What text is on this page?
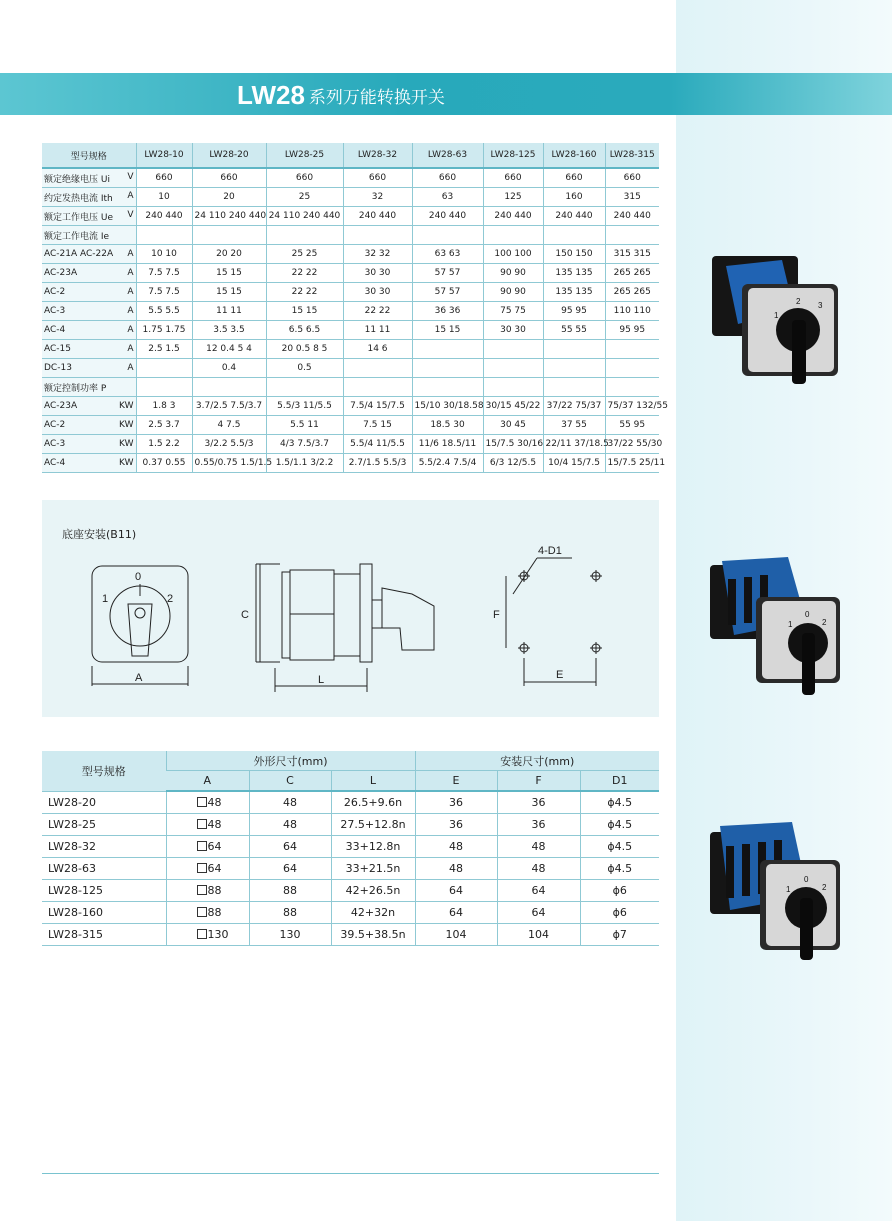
LW28 系列万能转换开关
型号规格	LW28-10	LW28-20	LW28-25	LW28-32	LW28-63	LW28-125	LW28-160	LW28-315

额定绝缘电压 Ui V	660	660	660	660	660	660	660	660

约定发热电流 Ith A	10	20	25	32	63	125	160	315

额定工作电压 Ue V	240 440	24 110 240 440	24 110 240 440	240 440	240 440	240 440	240 440	240 440

额定工作电流 Ie								

AC-21A AC-22A A	10 10	20 20	25 25	32 32	63 63	100 100	150 150	315 315

AC-23A A	7.5 7.5	15 15	22 22	30 30	57 57	90 90	135 135	265 265

AC-2 A	7.5 7.5	15 15	22 22	30 30	57 57	90 90	135 135	265 265

AC-3 A	5.5 5.5	11 11	15 15	22 22	36 36	75 75	95 95	110 110

AC-4 A	1.75 1.75	3.5 3.5	6.5 6.5	11 11	15 15	30 30	55 55	95 95

AC-15 A	2.5 1.5	12 0.4 5 4	20 0.5 8 5	14 6				

DC-13 A		0.4	0.5					

额定控制功率 P								

AC-23A KW	1.8 3	3.7/2.5 7.5/3.7	5.5/3 11/5.5	7.5/4 15/7.5	15/10 30/18.58	30/15 45/22	37/22 75/37	75/37 132/55

AC-2 KW	2.5 3.7	4 7.5	5.5 11	7.5 15	18.5 30	30 45	37 55	55 95

AC-3 KW	1.5 2.2	3/2.2 5.5/3	4/3 7.5/3.7	5.5/4 11/5.5	11/6 18.5/11	15/7.5 30/16	22/11 37/18.5	37/22 55/30

AC-4 KW	0.37 0.55	0.55/0.75 1.5/1.5	1.5/1.1 3/2.2	2.7/1.5 5.5/3	5.5/2.4 7.5/4	6/3 12/5.5	10/4 15/7.5	15/7.5 25/11
底座安装(B11)
0
1	2
A
C
L
F
E
4-D1
型号规格	外形尺寸(mm)			安装尺寸(mm)		
	A	C	L	E	F	D1
LW28-20	48	48	26.5+9.6n	36	36	ϕ4.5
LW28-25	48	48	27.5+12.8n	36	36	ϕ4.5
LW28-32	64	64	33+12.8n	48	48	ϕ4.5
LW28-63	64	64	33+21.5n	48	48	ϕ4.5
LW28-125	88	88	42+26.5n	64	64	ϕ6
LW28-160	88	88	42+32n	64	64	ϕ6
LW28-315	130	130	39.5+38.5n	104	104	ϕ7
1
2 3
1
0
2
1
0
2
